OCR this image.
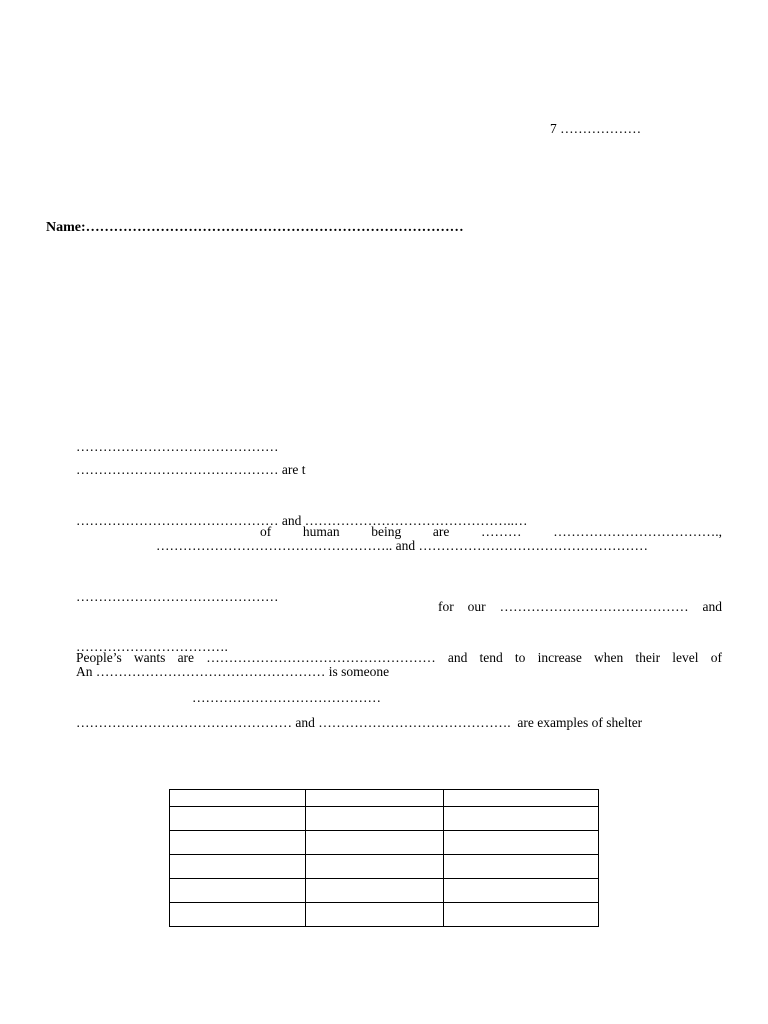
7 ………………
Name:………………………………………………………………………
………………………………………
……………………………………… are t

of human being are ……… ……………………………….,

……………………………………… and ………………………………………..…
…………………………………………….. and ……………………………………………

for our …………………………………… and

………………………………………

People’s wants are …………………………………………… and tend to increase when their level of

…………………………….
An …………………………………………… is someone
……………………………………
………………………………………… and …………………………………….  are examples of shelter
